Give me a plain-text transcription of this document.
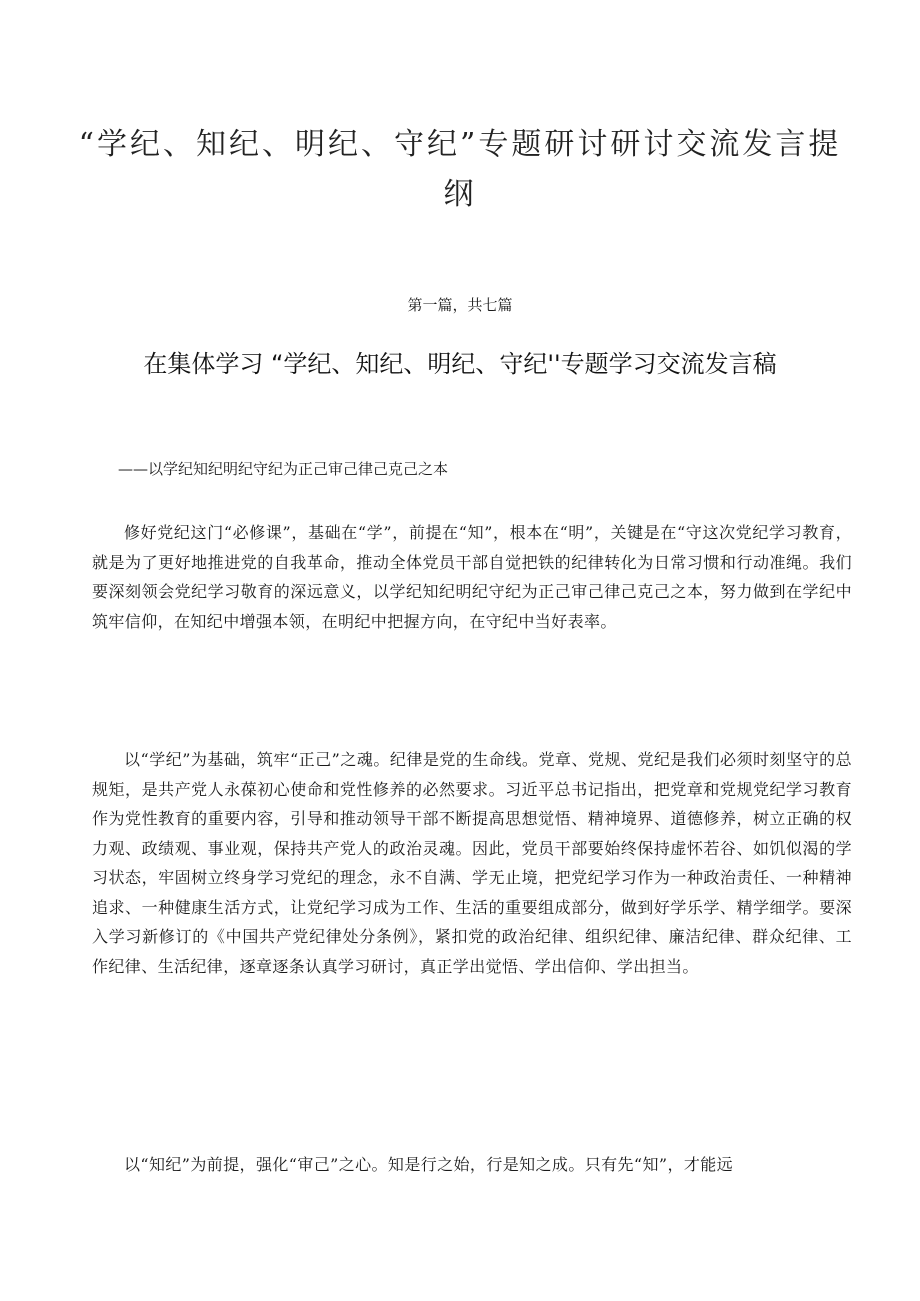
“学纪、知纪、明纪、守纪”专题研讨研讨交流发言提纲

第一篇，共七篇

在集体学习 “学纪、知纪、明纪、守纪''专题学习交流发言稿

——以学纪知纪明纪守纪为正己审己律己克己之本

修好党纪这门“必修课”，基础在“学”，前提在“知”，根本在“明”，关键是在“守这次党纪学习教育，就是为了更好地推进党的自我革命，推动全体党员干部自觉把铁的纪律转化为日常习惯和行动准绳。我们要深刻领会党纪学习敬育的深远意义，以学纪知纪明纪守纪为正己审己律己克己之本，努力做到在学纪中筑牢信仰，在知纪中增强本领，在明纪中把握方向，在守纪中当好表率。

以“学纪”为基础，筑牢“正己”之魂。纪律是党的生命线。党章、党规、党纪是我们必须时刻坚守的总规矩，是共产党人永葆初心使命和党性修养的必然要求。习近平总书记指出，把党章和党规党纪学习教育作为党性教育的重要内容，引导和推动领导干部不断提高思想觉悟、精神境界、道德修养，树立正确的权力观、政绩观、事业观，保持共产党人的政治灵魂。因此，党员干部要始终保持虚怀若谷、如饥似渴的学习状态，牢固树立终身学习党纪的理念，永不自满、学无止境，把党纪学习作为一种政治责任、一种精神追求、一种健康生活方式，让党纪学习成为工作、生活的重要组成部分，做到好学乐学、精学细学。要深入学习新修订的《中国共产党纪律处分条例》，紧扣党的政治纪律、组织纪律、廉洁纪律、群众纪律、工作纪律、生活纪律，逐章逐条认真学习研讨，真正学出觉悟、学出信仰、学出担当。

以“知纪”为前提，强化“审己”之心。知是行之始，行是知之成。只有先“知”，才能远
